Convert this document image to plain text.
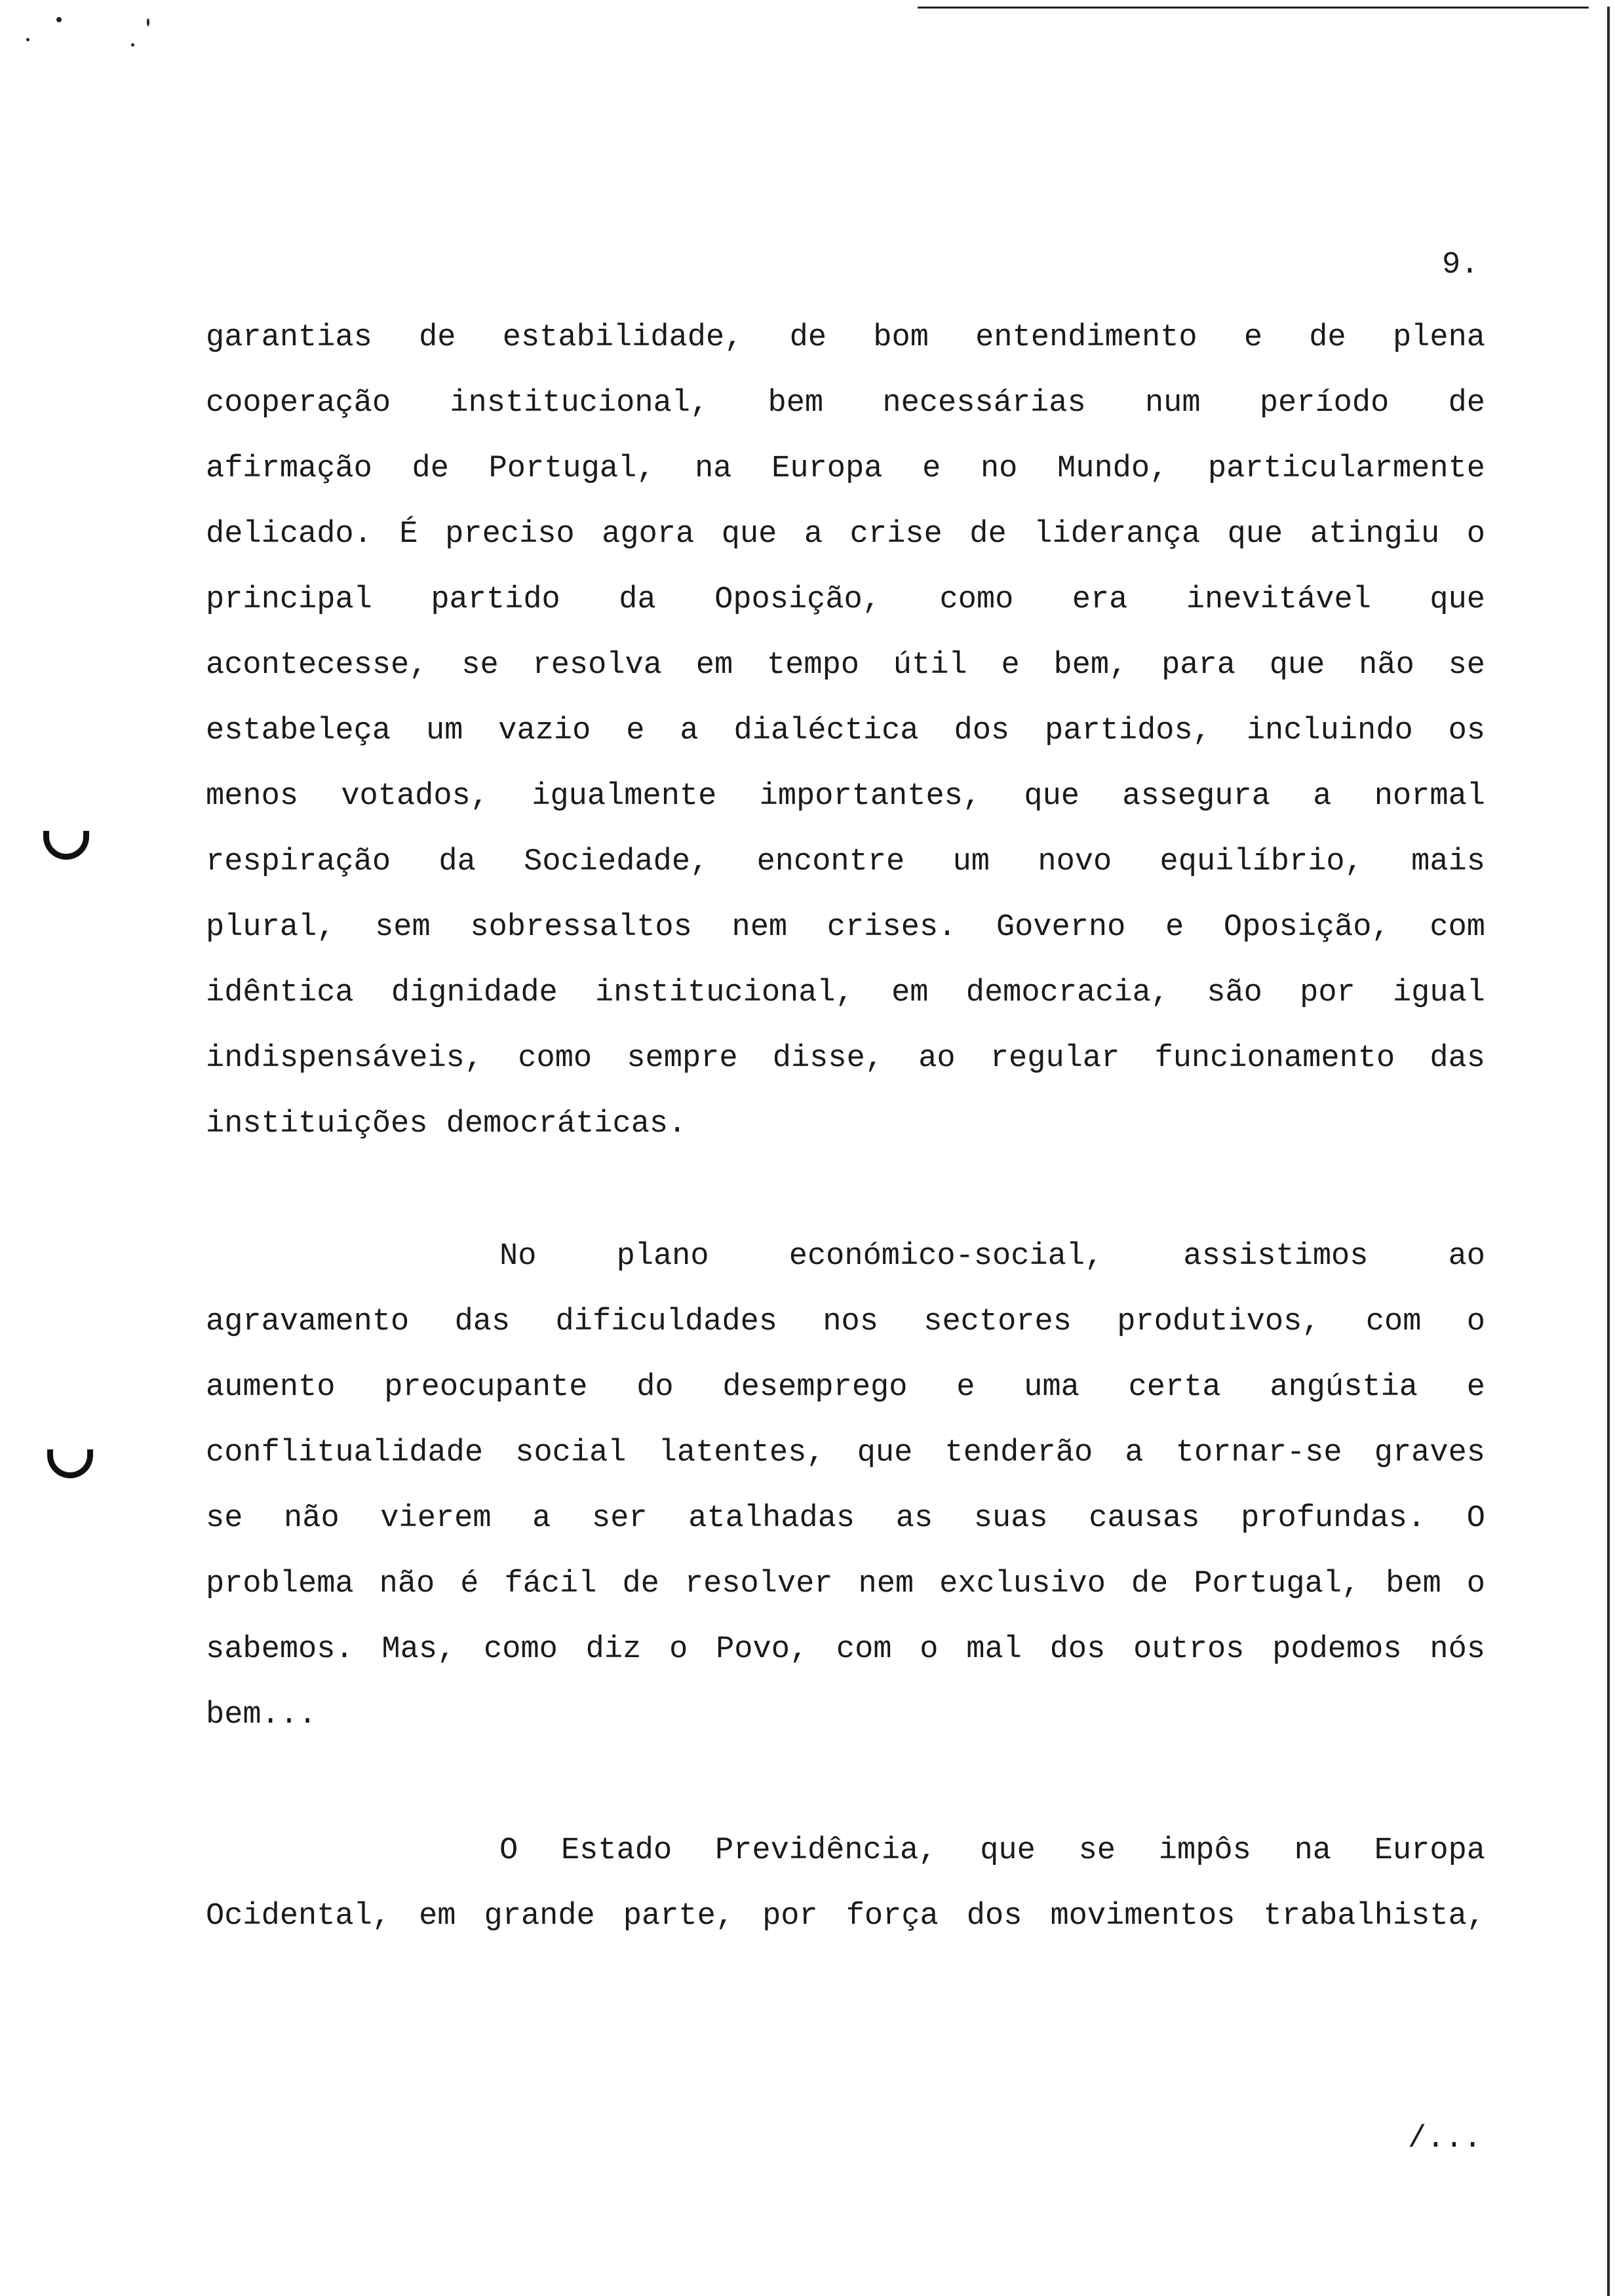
9.
garantias de estabilidade, de bom entendimento e de plena
cooperação institucional, bem necessárias num período de
afirmação de Portugal, na Europa e no Mundo, particularmente
delicado. É preciso agora que a crise de liderança que atingiu o
principal partido da Oposição, como era inevitável que
acontecesse, se resolva em tempo útil e bem, para que não se
estabeleça um vazio e a dialéctica dos partidos, incluindo os
menos votados, igualmente importantes, que assegura a normal
respiração da Sociedade, encontre um novo equilíbrio, mais
plural, sem sobressaltos nem crises. Governo e Oposição, com
idêntica dignidade institucional, em democracia, são por igual
indispensáveis, como sempre disse, ao regular funcionamento das
instituições democráticas.
No plano económico-social, assistimos ao
agravamento das dificuldades nos sectores produtivos, com o
aumento preocupante do desemprego e uma certa angústia e
conflitualidade social latentes, que tenderão a tornar-se graves
se não vierem a ser atalhadas as suas causas profundas. O
problema não é fácil de resolver nem exclusivo de Portugal, bem o
sabemos. Mas, como diz o Povo, com o mal dos outros podemos nós
bem...
O Estado Previdência, que se impôs na Europa
Ocidental, em grande parte, por força dos movimentos trabalhista,
/...
